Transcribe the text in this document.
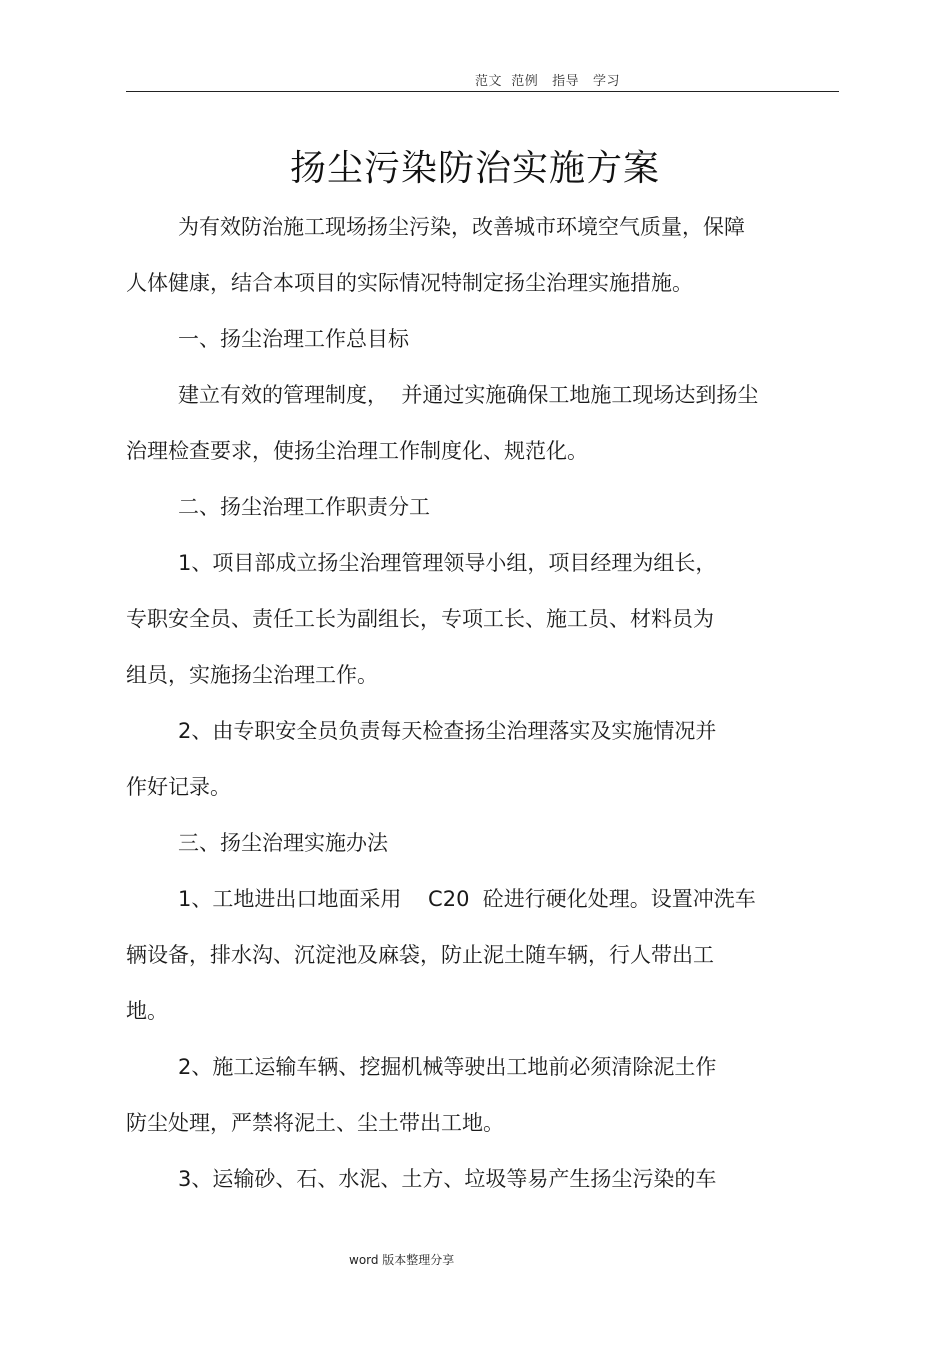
范文  范例   指导   学习
扬尘污染防治实施方案
为有效防治施工现场扬尘污染，改善城市环境空气质量，保障
人体健康，结合本项目的实际情况特制定扬尘治理实施措施。
一、扬尘治理工作总目标
建立有效的管理制度，  并通过实施确保工地施工现场达到扬尘
治理检查要求，使扬尘治理工作制度化、规范化。
二、扬尘治理工作职责分工
1、项目部成立扬尘治理管理领导小组，项目经理为组长，
专职安全员、责任工长为副组长，专项工长、施工员、材料员为
组员，实施扬尘治理工作。
2、由专职安全员负责每天检查扬尘治理落实及实施情况并
作好记录。
三、扬尘治理实施办法
1、工地进出口地面采用    C20  砼进行硬化处理。设置冲洗车
辆设备，排水沟、沉淀池及麻袋，防止泥土随车辆，行人带出工
地。
2、施工运输车辆、挖掘机械等驶出工地前必须清除泥土作
防尘处理，严禁将泥土、尘土带出工地。
3、运输砂、石、水泥、土方、垃圾等易产生扬尘污染的车
word 版本整理分享
